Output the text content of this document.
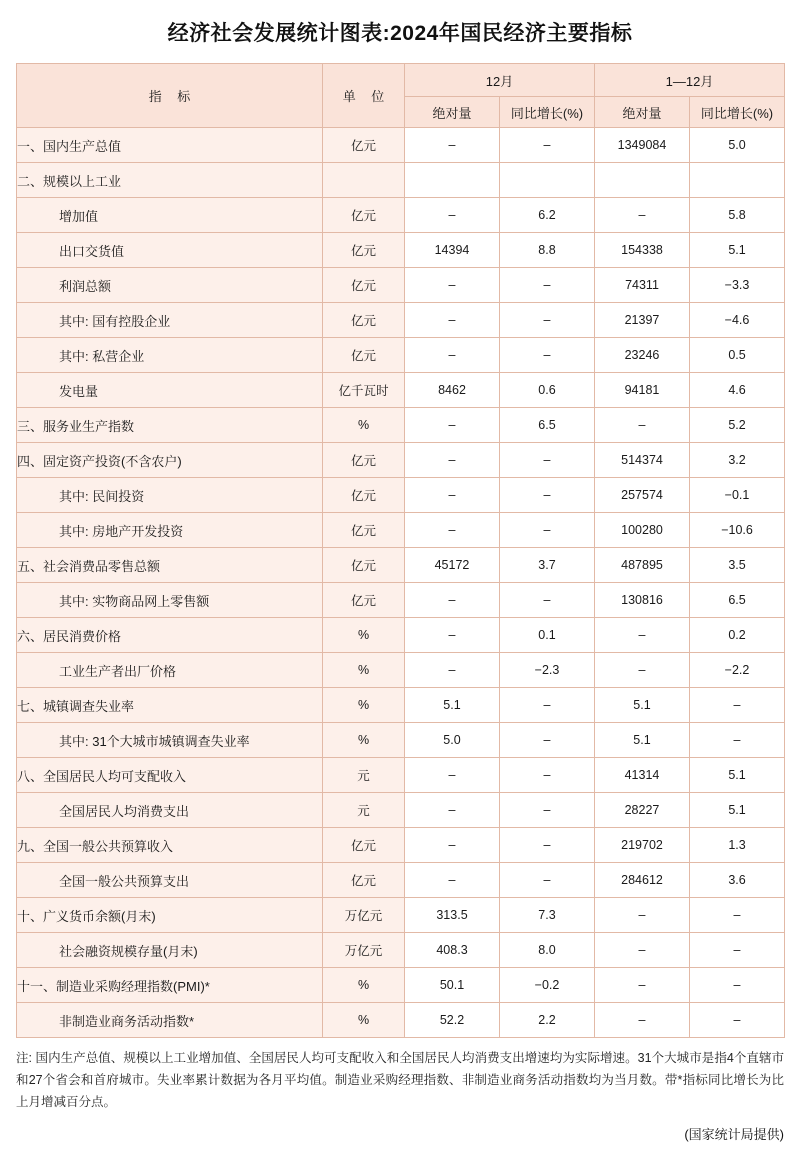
经济社会发展统计图表:2024年国民经济主要指标
指 标	单 位	12月		1—12月	
		绝对量	同比增长(%)	绝对量	同比增长(%)
一、国内生产总值	亿元	–	–	1349084	5.0
二、规模以上工业					
增加值	亿元	–	6.2	–	5.8
出口交货值	亿元	14394	8.8	154338	5.1
利润总额	亿元	–	–	74311	−3.3
其中: 国有控股企业	亿元	–	–	21397	−4.6
其中: 私营企业	亿元	–	–	23246	0.5
发电量	亿千瓦时	8462	0.6	94181	4.6
三、服务业生产指数	%	–	6.5	–	5.2
四、固定资产投资(不含农户)	亿元	–	–	514374	3.2
其中: 民间投资	亿元	–	–	257574	−0.1
其中: 房地产开发投资	亿元	–	–	100280	−10.6
五、社会消费品零售总额	亿元	45172	3.7	487895	3.5
其中: 实物商品网上零售额	亿元	–	–	130816	6.5
六、居民消费价格	%	–	0.1	–	0.2
工业生产者出厂价格	%	–	−2.3	–	−2.2
七、城镇调查失业率	%	5.1	–	5.1	–
其中: 31个大城市城镇调查失业率	%	5.0	–	5.1	–
八、全国居民人均可支配收入	元	–	–	41314	5.1
全国居民人均消费支出	元	–	–	28227	5.1
九、全国一般公共预算收入	亿元	–	–	219702	1.3
全国一般公共预算支出	亿元	–	–	284612	3.6
十、广义货币余额(月末)	万亿元	313.5	7.3	–	–
社会融资规模存量(月末)	万亿元	408.3	8.0	–	–
十一、制造业采购经理指数(PMI)*	%	50.1	−0.2	–	–
非制造业商务活动指数*	%	52.2	2.2	–	–
注: 国内生产总值、规模以上工业增加值、全国居民人均可支配收入和全国居民人均消费支出增速均为实际增速。31个大城市是指4个直辖市和27个省会和首府城市。失业率累计数据为各月平均值。制造业采购经理指数、非制造业商务活动指数均为当月数。带*指标同比增长为比上月增减百分点。
(国家统计局提供)
